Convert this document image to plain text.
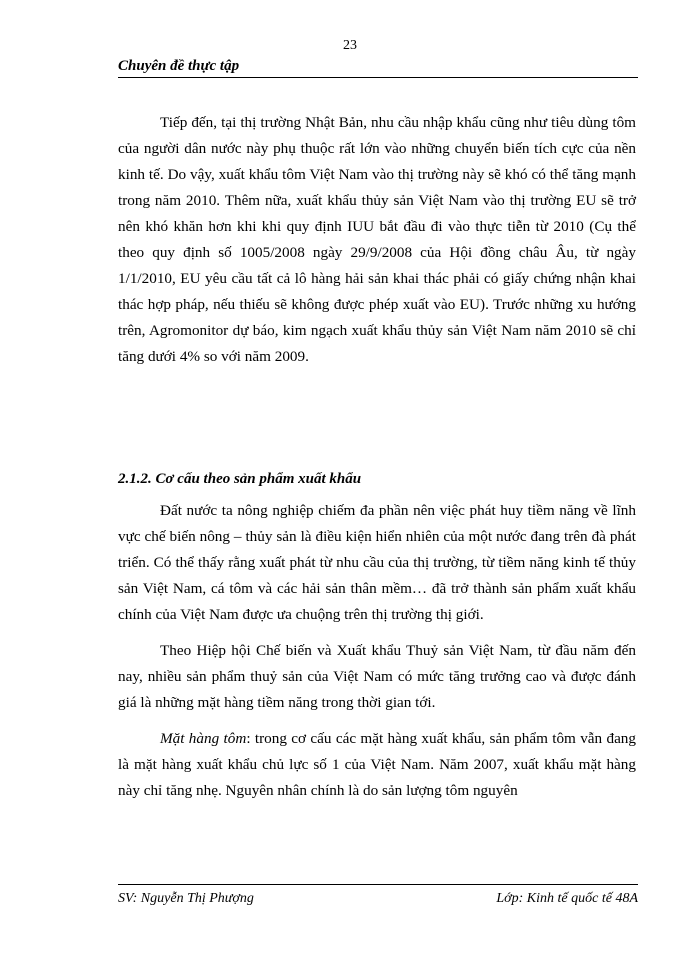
23
Chuyên đề thực tập

Tiếp đến, tại thị trường Nhật Bản, nhu cầu nhập khẩu cũng như tiêu dùng tôm của người dân nước này phụ thuộc rất lớn vào những chuyển biến tích cực của nền kinh tế. Do vậy, xuất khẩu tôm Việt Nam vào thị trường này sẽ khó có thể tăng mạnh trong năm 2010. Thêm nữa, xuất khẩu thủy sản Việt Nam vào thị trường EU sẽ trở nên khó khăn hơn khi khi quy định IUU bắt đầu đi vào thực tiễn từ 2010 (Cụ thể theo quy định số 1005/2008 ngày 29/9/2008 của Hội đồng châu Âu, từ ngày 1/1/2010, EU yêu cầu tất cả lô hàng hải sản khai thác phải có giấy chứng nhận khai thác hợp pháp, nếu thiếu sẽ không được phép xuất vào EU). Trước những xu hướng trên, Agromonitor dự báo, kim ngạch xuất khẩu thủy sản Việt Nam năm 2010 sẽ chỉ tăng dưới 4% so với năm 2009.

2.1.2. Cơ cấu theo sản phẩm xuất khẩu

Đất nước ta nông nghiệp chiếm đa phần nên việc phát huy tiềm năng về lĩnh vực chế biến nông – thủy sản là điều kiện hiển nhiên của một nước đang trên đà phát triển. Có thể thấy rằng xuất phát từ nhu cầu của thị trường, từ tiềm năng kinh tế thủy sản Việt Nam, cá tôm và các hải sản thân mềm… đã trở thành sản phẩm xuất khẩu chính của Việt Nam được ưa chuộng trên thị trường thị giới.

Theo Hiệp hội Chế biến và Xuất khẩu Thuỷ sản Việt Nam, từ đầu năm đến nay, nhiều sản phẩm thuỷ sản của Việt Nam có mức tăng trưởng cao và được đánh giá là những mặt hàng tiềm năng trong thời gian tới.

Mặt hàng tôm: trong cơ cấu các mặt hàng xuất khẩu, sản phẩm tôm vẫn đang là mặt hàng xuất khẩu chủ lực số 1 của Việt Nam. Năm 2007, xuất khẩu mặt hàng này chỉ tăng nhẹ. Nguyên nhân chính là do sản lượng tôm nguyên

SV: Nguyễn Thị Phượng	Lớp: Kinh tế quốc tế 48A
